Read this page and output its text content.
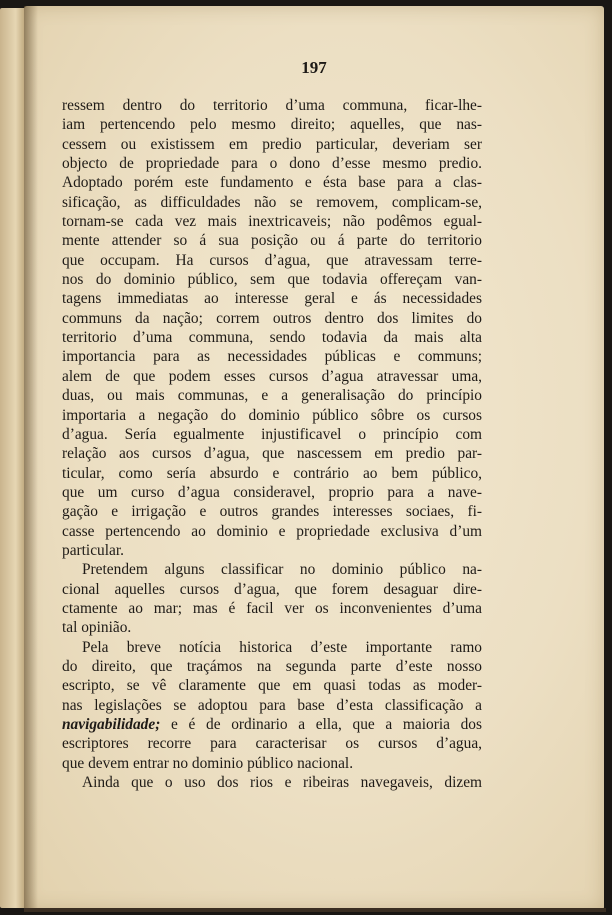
197
ressem dentro do territorio d’uma communa, ficar-lhe-
iam pertencendo pelo mesmo direito; aquelles, que nas-
cessem ou existissem em predio particular, deveriam ser
objecto de propriedade para o dono d’esse mesmo predio.
Adoptado porém este fundamento e ésta base para a clas-
sificação, as difficuldades não se removem, complicam-se,
tornam-se cada vez mais inextricaveis; não podêmos egual-
mente attender so á sua posição ou á parte do territorio
que occupam. Ha cursos d’agua, que atravessam terre-
nos do dominio público, sem que todavia offereçam van-
tagens immediatas ao interesse geral e ás necessidades
communs da nação; correm outros dentro dos limites do
territorio d’uma communa, sendo todavia da mais alta
importancia para as necessidades públicas e communs;
alem de que podem esses cursos d’agua atravessar uma,
duas, ou mais communas, e a generalisação do princípio
importaria a negação do dominio público sôbre os cursos
d’agua. Sería egualmente injustificavel o princípio com
relação aos cursos d’agua, que nascessem em predio par-
ticular, como sería absurdo e contrário ao bem público,
que um curso d’agua consideravel, proprio para a nave-
gação e irrigação e outros grandes interesses sociaes, fi-
casse pertencendo ao dominio e propriedade exclusiva d’um
particular.
Pretendem alguns classificar no dominio público na-
cional aquelles cursos d’agua, que forem desaguar dire-
ctamente ao mar; mas é facil ver os inconvenientes d’uma
tal opinião.
Pela breve notícia historica d’este importante ramo
do direito, que traçámos na segunda parte d’este nosso
escripto, se vê claramente que em quasi todas as moder-
nas legislações se adoptou para base d’esta classificação a
navigabilidade; e é de ordinario a ella, que a maioria dos
escriptores recorre para caracterisar os cursos d’agua,
que devem entrar no dominio público nacional.
Ainda que o uso dos rios e ribeiras navegaveis, dizem
